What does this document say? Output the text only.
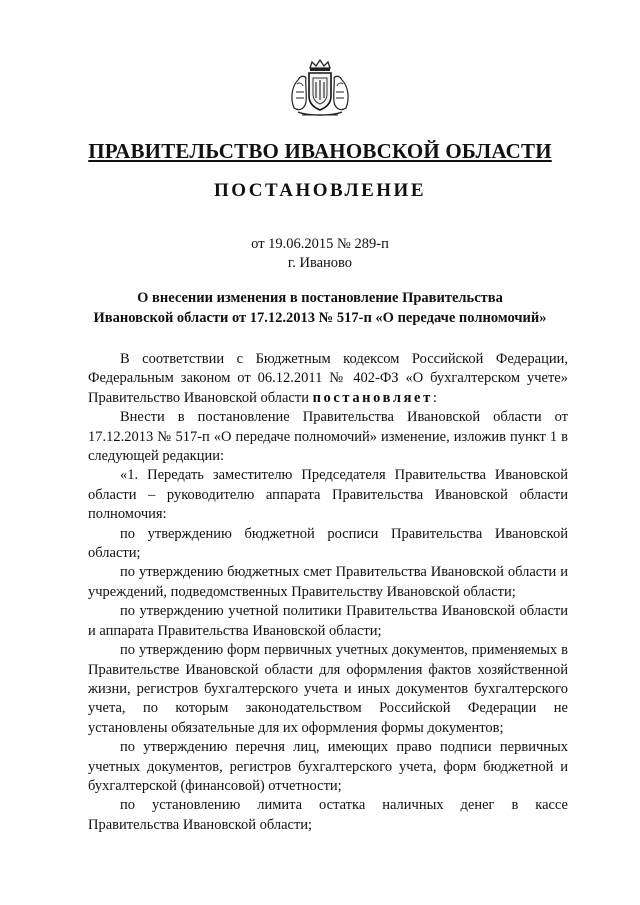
ПРАВИТЕЛЬСТВО ИВАНОВСКОЙ ОБЛАСТИ
ПОСТАНОВЛЕНИЕ
от 19.06.2015 № 289-п
г. Иваново
О внесении изменения в постановление Правительства
Ивановской области от 17.12.2013 № 517-п «О передаче полномочий»

В соответствии с Бюджетным кодексом Российской Федерации, Федеральным законом от 06.12.2011 № 402-ФЗ «О бухгалтерском учете» Правительство Ивановской области постановляет:

Внести в постановление Правительства Ивановской области от 17.12.2013 № 517-п «О передаче полномочий» изменение, изложив пункт 1 в следующей редакции:

«1. Передать заместителю Председателя Правительства Ивановской области – руководителю аппарата Правительства Ивановской области полномочия:

по утверждению бюджетной росписи Правительства Ивановской области;

по утверждению бюджетных смет Правительства Ивановской области и учреждений, подведомственных Правительству Ивановской области;

по утверждению учетной политики Правительства Ивановской области и аппарата Правительства Ивановской области;

по утверждению форм первичных учетных документов, применяемых в Правительстве Ивановской области для оформления фактов хозяйственной жизни, регистров бухгалтерского учета и иных документов бухгалтерского учета, по которым законодательством Российской Федерации не установлены обязательные для их оформления формы документов;

по утверждению перечня лиц, имеющих право подписи первичных учетных документов, регистров бухгалтерского учета, форм бюджетной и бухгалтерской (финансовой) отчетности;

по установлению лимита остатка наличных денег в кассе Правительства Ивановской области;
